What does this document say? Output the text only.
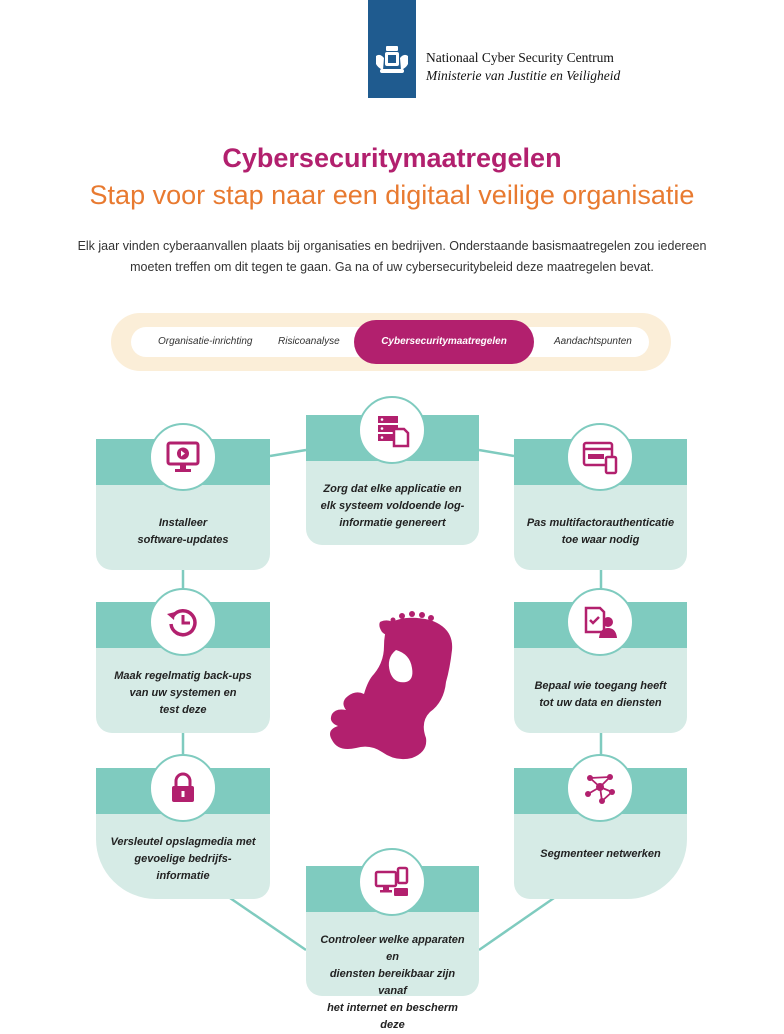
Nationaal Cyber Security Centrum
Ministerie van Justitie en Veiligheid
Cybersecuritymaatregelen
Stap voor stap naar een digitaal veilige organisatie
Elk jaar vinden cyberaanvallen plaats bij organisaties en bedrijven. Onderstaande basismaatregelen zou iedereen
moeten treffen om dit tegen te gaan. Ga na of uw cybersecuritybeleid deze maatregelen bevat.
Organisatie-inrichting	Risicoanalyse	Cybersecuritymaatregelen	Aandachtspunten
Installeer
software-updates
Zorg dat elke applicatie en
elk systeem voldoende log-
informatie genereert	Pas multifactorauthenticatie
toe waar nodig
Maak regelmatig back-ups
van uw systemen en
test deze
Bepaal wie toegang heeft
tot uw data en diensten
Versleutel opslagmedia met
gevoelige bedrijfs-
informatie
Segmenteer netwerken
Controleer welke apparaten en
diensten bereikbaar zijn vanaf
het internet en bescherm deze
